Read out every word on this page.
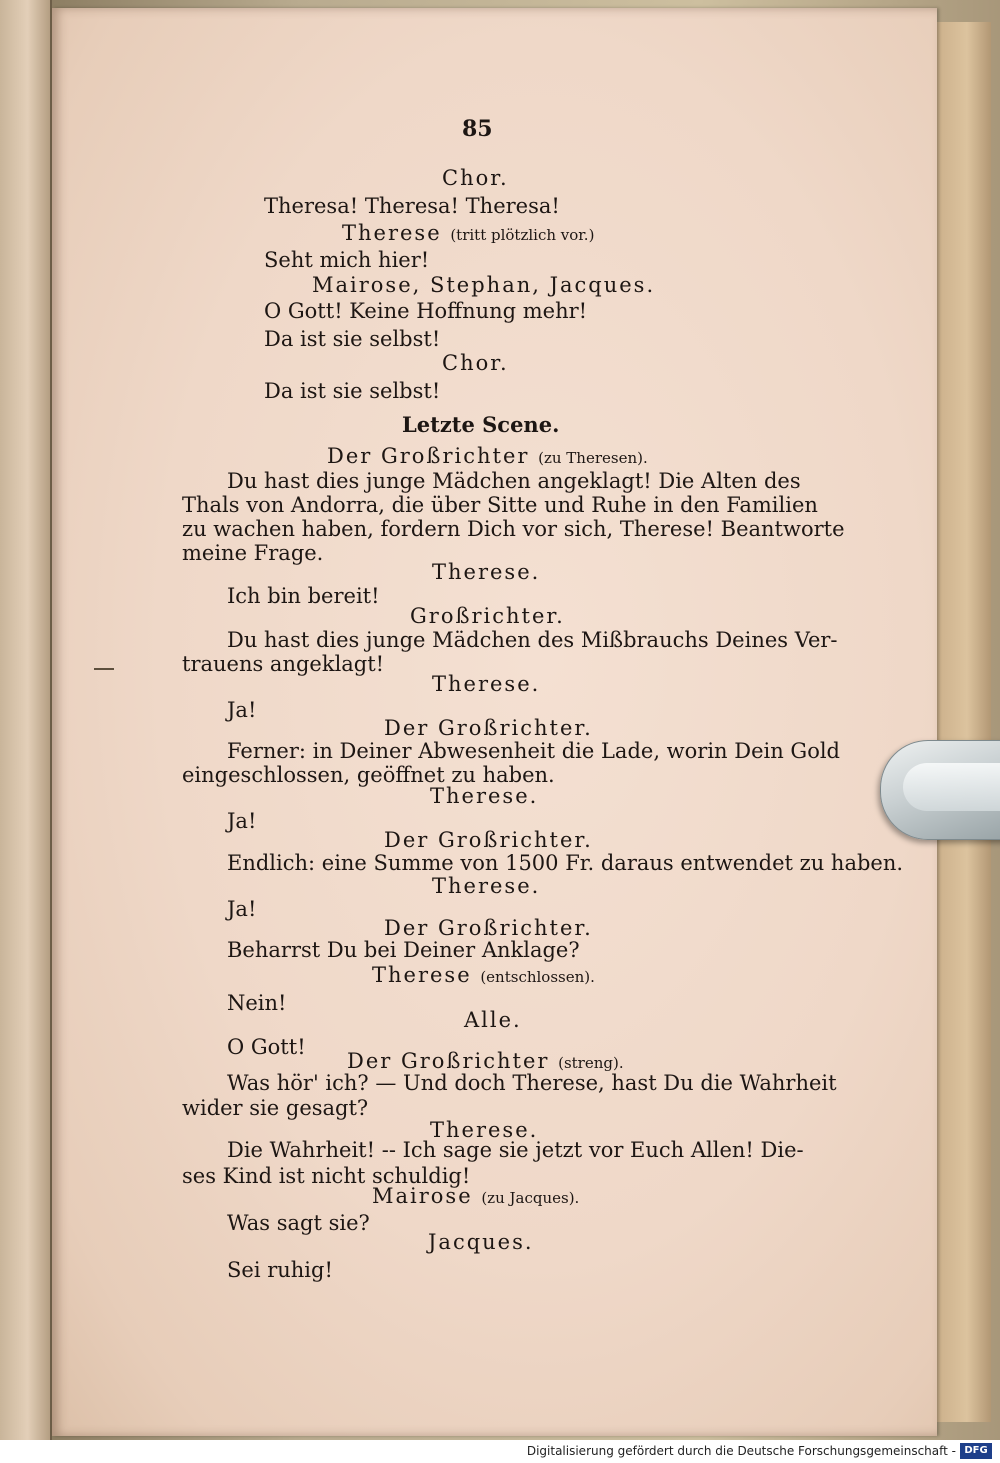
85

Chor.

Theresa! Theresa! Theresa!

Therese (tritt plötzlich vor.)

Seht mich hier!

Mairose, Stephan, Jacques.

O Gott! Keine Hoffnung mehr!

Da ist sie selbst!

Chor.

Da ist sie selbst!

Letzte Scene.

Der Großrichter (zu Theresen).

Du hast dies junge Mädchen angeklagt! Die Alten des

Thals von Andorra, die über Sitte und Ruhe in den Familien

zu wachen haben, fordern Dich vor sich, Therese! Beantworte

meine Frage.

Therese.

Ich bin bereit!

Großrichter.

Du hast dies junge Mädchen des Mißbrauchs Deines Ver-

trauens angeklagt!

Therese.

Ja!

Der Großrichter.

Ferner: in Deiner Abwesenheit die Lade, worin Dein Gold

eingeschlossen, geöffnet zu haben.

Therese.

Ja!

Der Großrichter.

Endlich: eine Summe von 1500 Fr. daraus entwendet zu haben.

Therese.

Ja!

Der Großrichter.

Beharrst Du bei Deiner Anklage?

Therese (entschlossen).

Nein!

Alle.

O Gott!

Der Großrichter (streng).

Was hör' ich? — Und doch Therese, hast Du die Wahrheit

wider sie gesagt?

Therese.

Die Wahrheit! -- Ich sage sie jetzt vor Euch Allen! Die-

ses Kind ist nicht schuldig!

Mairose (zu Jacques).

Was sagt sie?

Jacques.

Sei ruhig!

Digitalisierung gefördert durch die Deutsche Forschungsgemeinschaft - DFG
